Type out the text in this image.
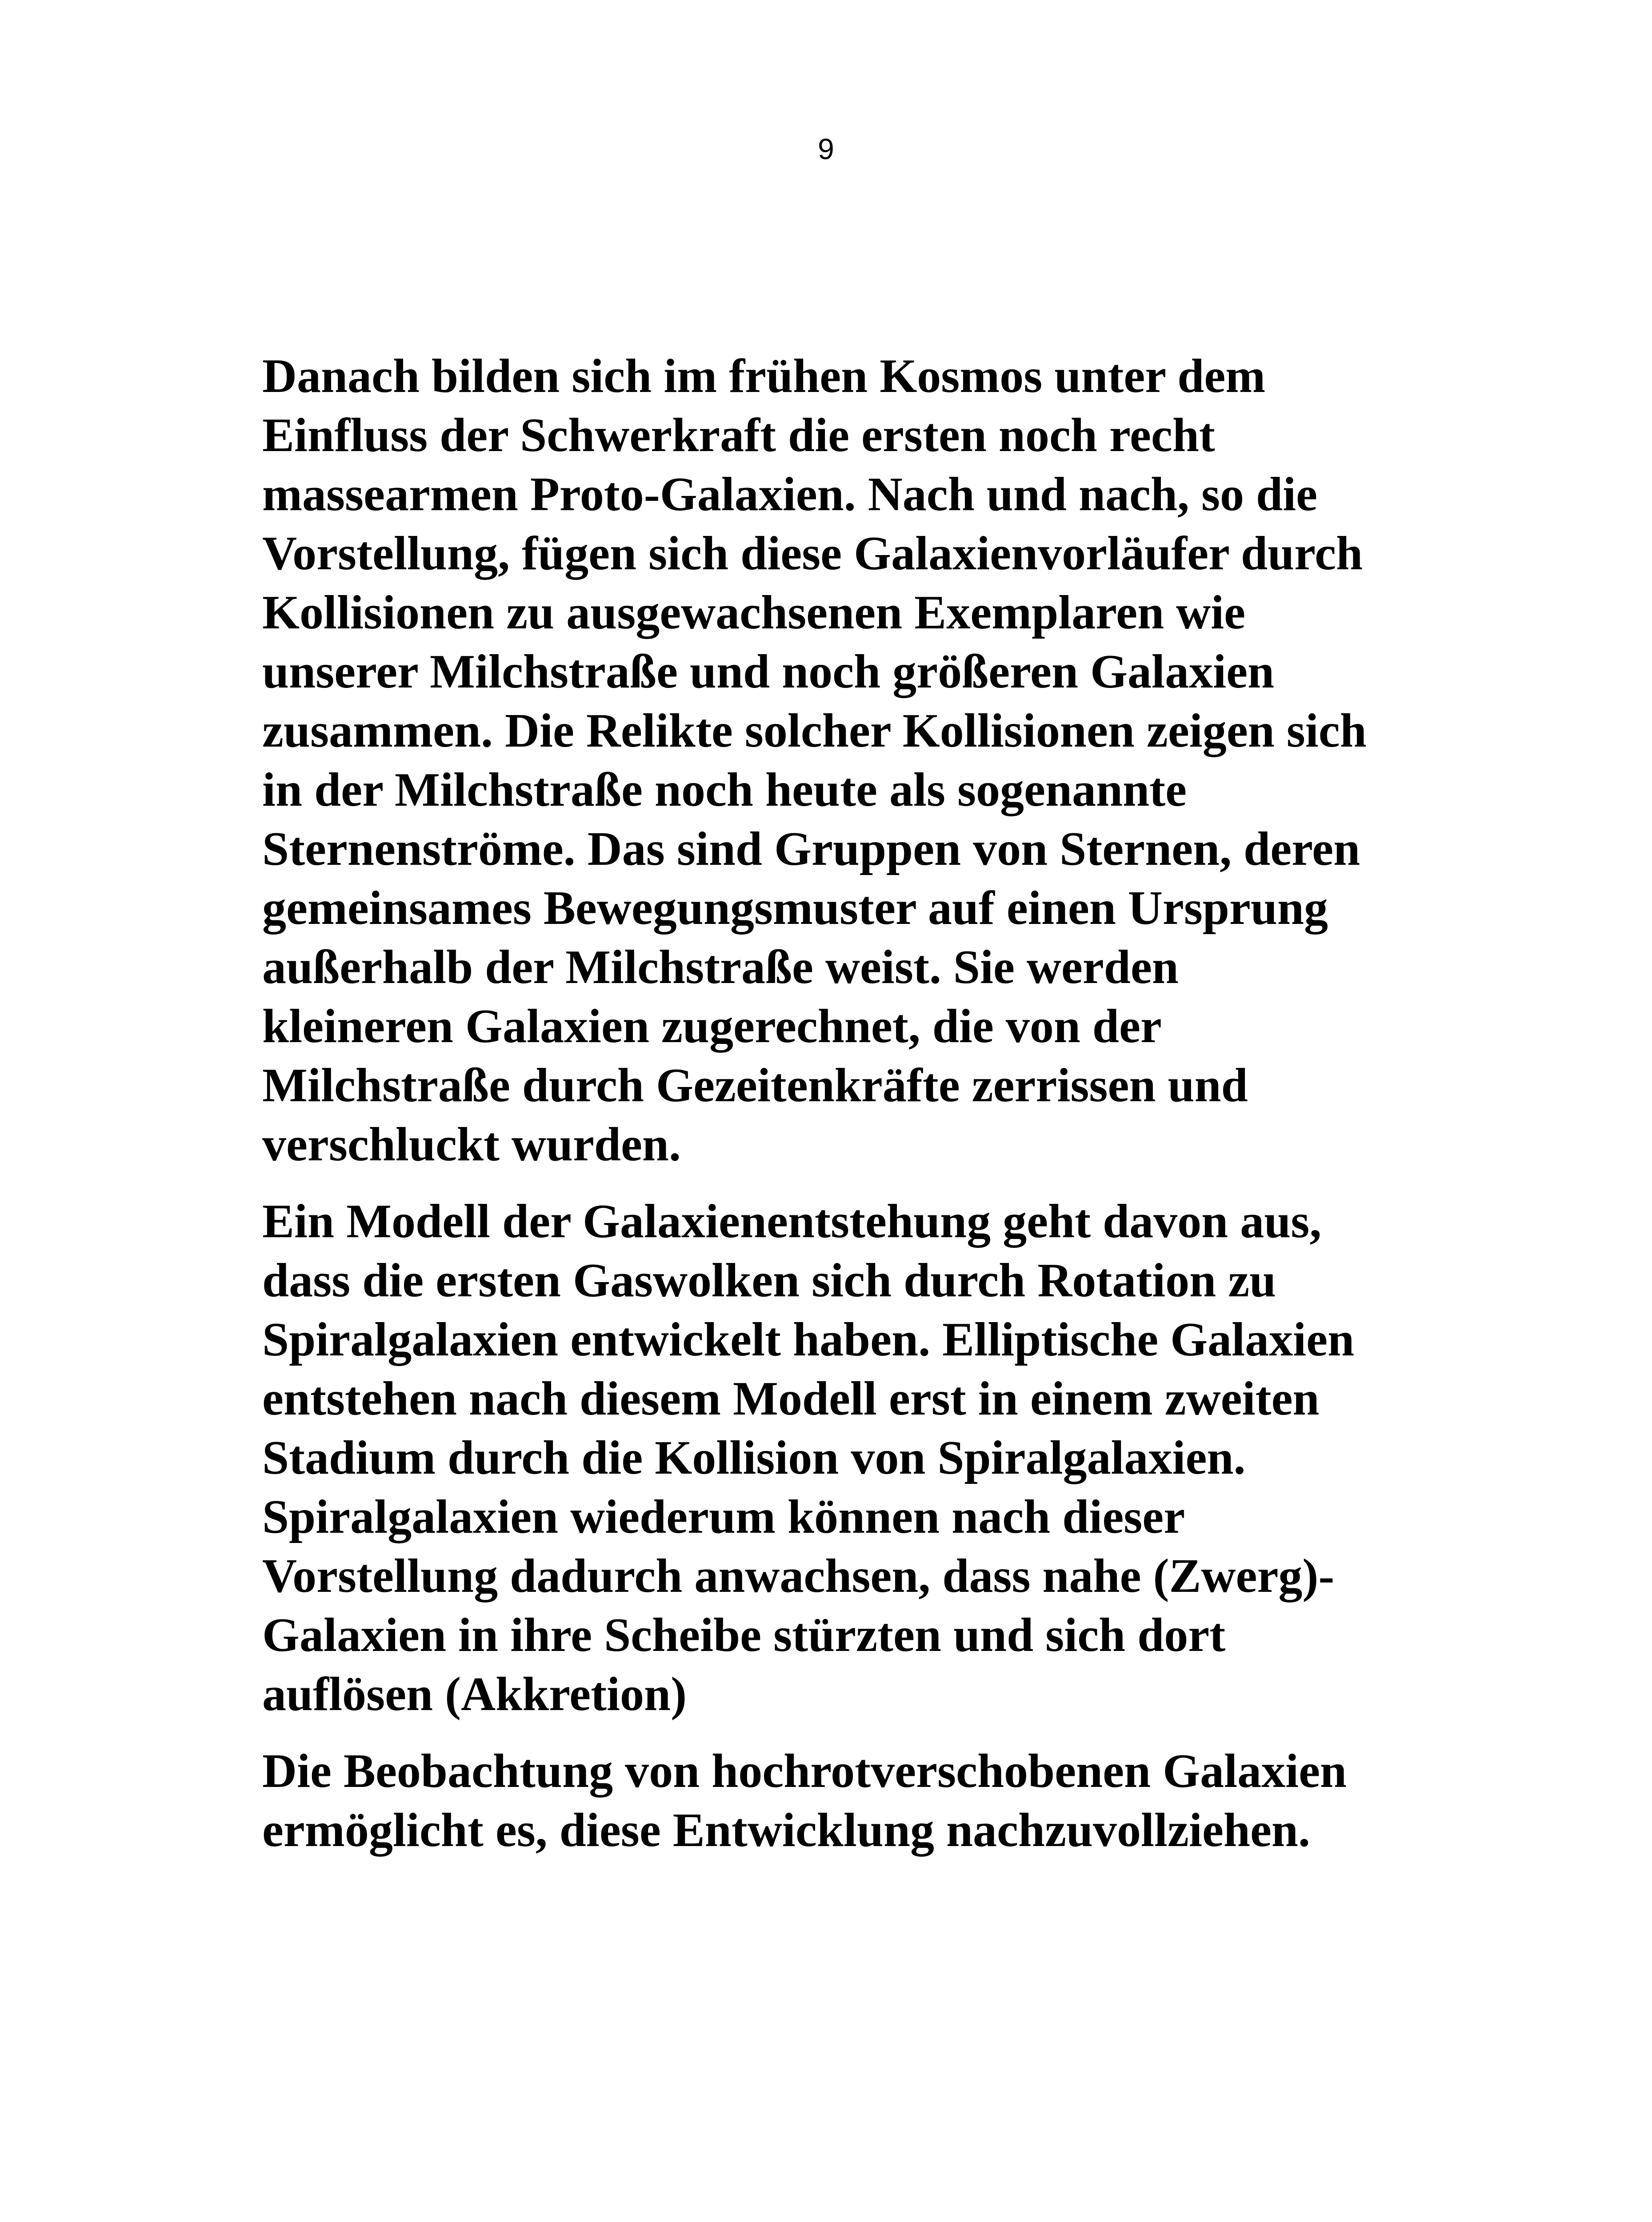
9

Danach bilden sich im frühen Kosmos unter dem
Einfluss der Schwerkraft die ersten noch recht
massearmen Proto-Galaxien. Nach und nach, so die
Vorstellung, fügen sich diese Galaxienvorläufer durch
Kollisionen zu ausgewachsenen Exemplaren wie
unserer Milchstraße und noch größeren Galaxien
zusammen. Die Relikte solcher Kollisionen zeigen sich
in der Milchstraße noch heute als sogenannte
Sternenströme. Das sind Gruppen von Sternen, deren
gemeinsames Bewegungsmuster auf einen Ursprung
außerhalb der Milchstraße weist. Sie werden
kleineren Galaxien zugerechnet, die von der
Milchstraße durch Gezeitenkräfte zerrissen und
verschluckt wurden.

Ein Modell der Galaxienentstehung geht davon aus,
dass die ersten Gaswolken sich durch Rotation zu
Spiralgalaxien entwickelt haben. Elliptische Galaxien
entstehen nach diesem Modell erst in einem zweiten
Stadium durch die Kollision von Spiralgalaxien.
Spiralgalaxien wiederum können nach dieser
Vorstellung dadurch anwachsen, dass nahe (Zwerg)-
Galaxien in ihre Scheibe stürzten und sich dort
auflösen (Akkretion)

Die Beobachtung von hochrotverschobenen Galaxien
ermöglicht es, diese Entwicklung nachzuvollziehen.
